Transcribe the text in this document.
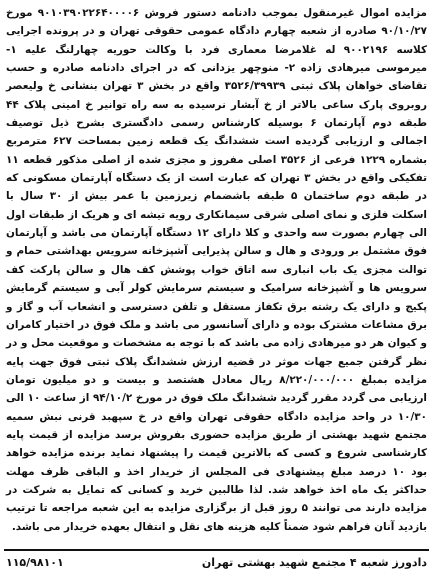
مزایده اموال غیرمنقول بموجب دادنامه دستور فروش ۹۰۱۰۳۹۰۲۲۶۴۰۰۰۰۶ مورخ ۹۰/۱۰/۲۷ صادره از شعبه چهارم دادگاه عمومی حقوقی تهران و در پرونده اجرایی کلاسه ۹۰۰۲۱۹۶ له غلامرضا معماری فرد با وکالت حوریه چهارلنگ علیه ۱- میرموسی میرهادی زاده ۲- منوچهر یزدانی که در اجرای دادنامه صادره و حسب تقاضای خواهان پلاک ثبتی ۳۵۲۶/۳۹۹۳۹ واقع در بخش ۳ تهران بنشانی خ ولیعصر روبروی پارک ساعی بالاتر از خ آبشار نرسیده به سه راه توانیر خ امینی پلاک ۴۴ طبقه دوم آپارتمان ۶ بوسیله کارشناس رسمی دادگستری بشرح ذیل توصیف اجمالی و ارزیابی گردیده است ششدانگ یک قطعه زمین بمساحت ۶۲۷ مترمربع بشماره ۱۲۲۹ فرعی از ۳۵۲۶ اصلی مفروز و مجزی شده از اصلی مذکور قطعه ۱۱ تفکیکی واقع در بخش ۳ تهران که عبارت است از یک دستگاه آپارتمان مسکونی که در طبقه دوم ساختمان ۵ طبقه باشضمام زیرزمین با عمر بیش از ۳۰ سال با اسکلت فلزی و نمای اصلی شرقی سیمانکاری رویه تیشه ای و هریک از طبقات اول الی چهارم بصورت سه واحدی و کلا دارای ۱۲ دستگاه آپارتمان می باشد و آپارتمان فوق مشتمل بر ورودی و هال و سالن پذیرایی آشپزخانه سرویس بهداشتی حمام و توالت مجزی یک باب انباری سه اتاق خواب پوشش کف هال و سالن پارکت کف سرویس ها و آشپزخانه سرامیک و سیستم سرمایش کولر آبی و سیستم گرمایش پکیج و دارای یک رشته برق تکفاز مستقل و تلفن دسترسی و انشعاب آب و گاز و برق مشاعات مشترک بوده و دارای آسانسور می باشد و ملک فوق در اختیار کامران و کیوان هر دو میرهادی زاده می باشد که با توجه به مشخصات و موقعیت محل و در نظر گرفتن جمیع جهات موثر در قضیه ارزش ششدانگ پلاک ثبتی فوق جهت پایه مزایده بمبلغ ۸/۲۲۰/۰۰۰/۰۰۰ ریال معادل هشتصد و بیست و دو میلیون تومان ارزیابی می گردد مقرر گردید ششدانگ ملک فوق در مورخ ۹۴/۱۰/۲ از ساعت ۱۰ الی ۱۰/۳۰ در واحد مزایده دادگاه حقوقی تهران واقع در خ سپهبد قرنی نبش سمیه مجتمع شهید بهشتی از طریق مزایده حضوری بفروش برسد مزایده از قیمت پایه کارشناسی شروع و کسی که بالاترین قیمت را پیشنهاد نماید برنده مزایده خواهد بود ۱۰ درصد مبلغ پیشنهادی فی المجلس از خریدار اخذ و الباقی ظرف مهلت حداکثر یک ماه اخذ خواهد شد. لذا طالبین خرید و کسانی که تمایل به شرکت در مزایده دارند می توانند ۵ روز قبل از برگزاری مزایده به این شعبه مراجعه تا ترتیب بازدید آنان فراهم شود ضمناً کلیه هزینه های نقل و انتقال بعهده خریدار می باشد.

دادورز شعبه ۴ مجتمع شهید بهشتی تهران
۱۱۵/۹۸۱۰۱
